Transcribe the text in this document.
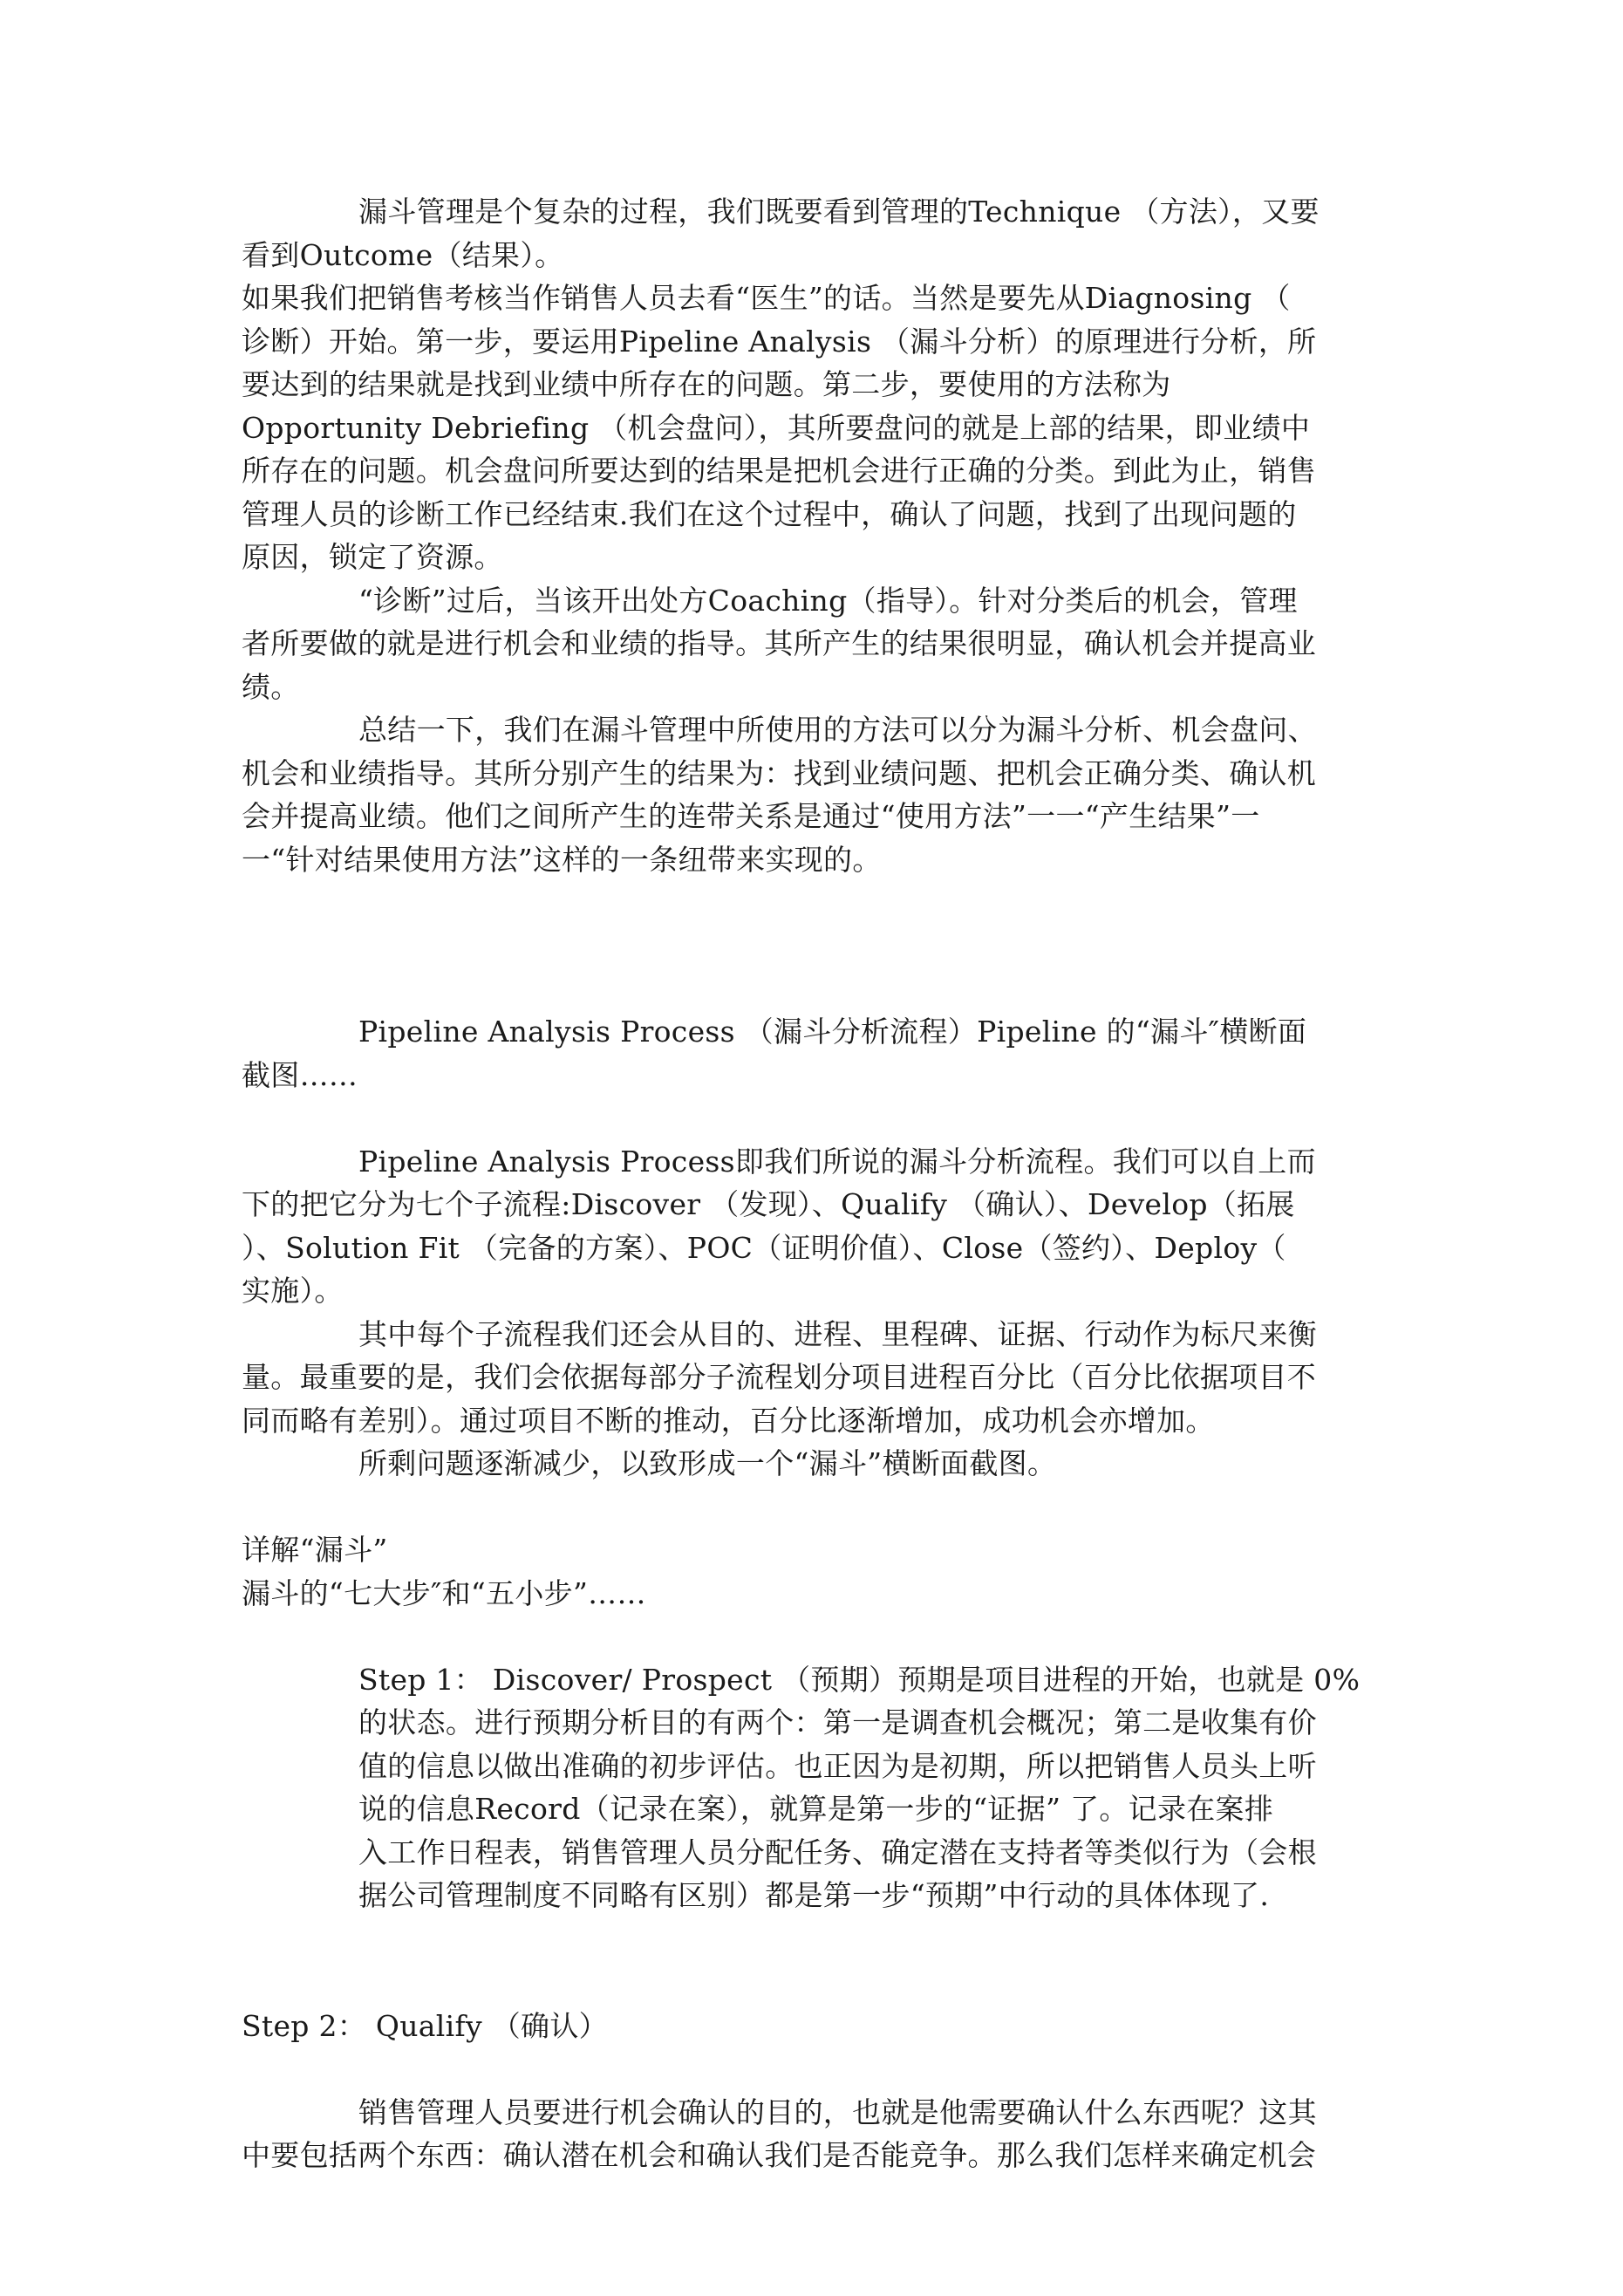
漏斗管理是个复杂的过程，我们既要看到管理的Technique （方法），又要
看到Outcome（结果）。
如果我们把销售考核当作销售人员去看“医生”的话。当然是要先从Diagnosing （
诊断）开始。第一步，要运用Pipeline Analysis （漏斗分析）的原理进行分析，所
要达到的结果就是找到业绩中所存在的问题。第二步，要使用的方法称为
Opportunity Debriefing （机会盘问），其所要盘问的就是上部的结果，即业绩中
所存在的问题。机会盘问所要达到的结果是把机会进行正确的分类。到此为止，销售
管理人员的诊断工作已经结束.我们在这个过程中，确认了问题，找到了出现问题的
原因，锁定了资源。
“诊断”过后，当该开出处方Coaching（指导）。针对分类后的机会，管理
者所要做的就是进行机会和业绩的指导。其所产生的结果很明显，确认机会并提高业
绩。
总结一下，我们在漏斗管理中所使用的方法可以分为漏斗分析、机会盘问、
机会和业绩指导。其所分别产生的结果为：找到业绩问题、把机会正确分类、确认机
会并提高业绩。他们之间所产生的连带关系是通过“使用方法”一一“产生结果”一
一“针对结果使用方法”这样的一条纽带来实现的。
Pipeline Analysis Process （漏斗分析流程）Pipeline 的“漏斗″横断面
截图……
Pipeline Analysis Process即我们所说的漏斗分析流程。我们可以自上而
下的把它分为七个子流程:Discover （发现）、Qualify （确认）、Develop（拓展
）、Solution Fit （完备的方案）、POC（证明价值）、Close（签约）、Deploy（
实施）。
其中每个子流程我们还会从目的、进程、里程碑、证据、行动作为标尺来衡
量。最重要的是，我们会依据每部分子流程划分项目进程百分比（百分比依据项目不
同而略有差别）。通过项目不断的推动，百分比逐渐增加，成功机会亦增加。
所剩问题逐渐减少，以致形成一个“漏斗”横断面截图。
详解“漏斗”
漏斗的“七大步″和“五小步”……
Step 1： Discover/ Prospect （预期）预期是项目进程的开始，也就是 0%
的状态。进行预期分析目的有两个：第一是调查机会概况；第二是收集有价
值的信息以做出准确的初步评估。也正因为是初期，所以把销售人员头上听
说的信息Record（记录在案），就算是第一步的“证据” 了。记录在案排
入工作日程表，销售管理人员分配任务、确定潜在支持者等类似行为（会根
据公司管理制度不同略有区别）都是第一步“预期”中行动的具体体现了.
Step 2： Qualify （确认）
销售管理人员要进行机会确认的目的，也就是他需要确认什么东西呢？这其
中要包括两个东西：确认潜在机会和确认我们是否能竞争。那么我们怎样来确定机会
